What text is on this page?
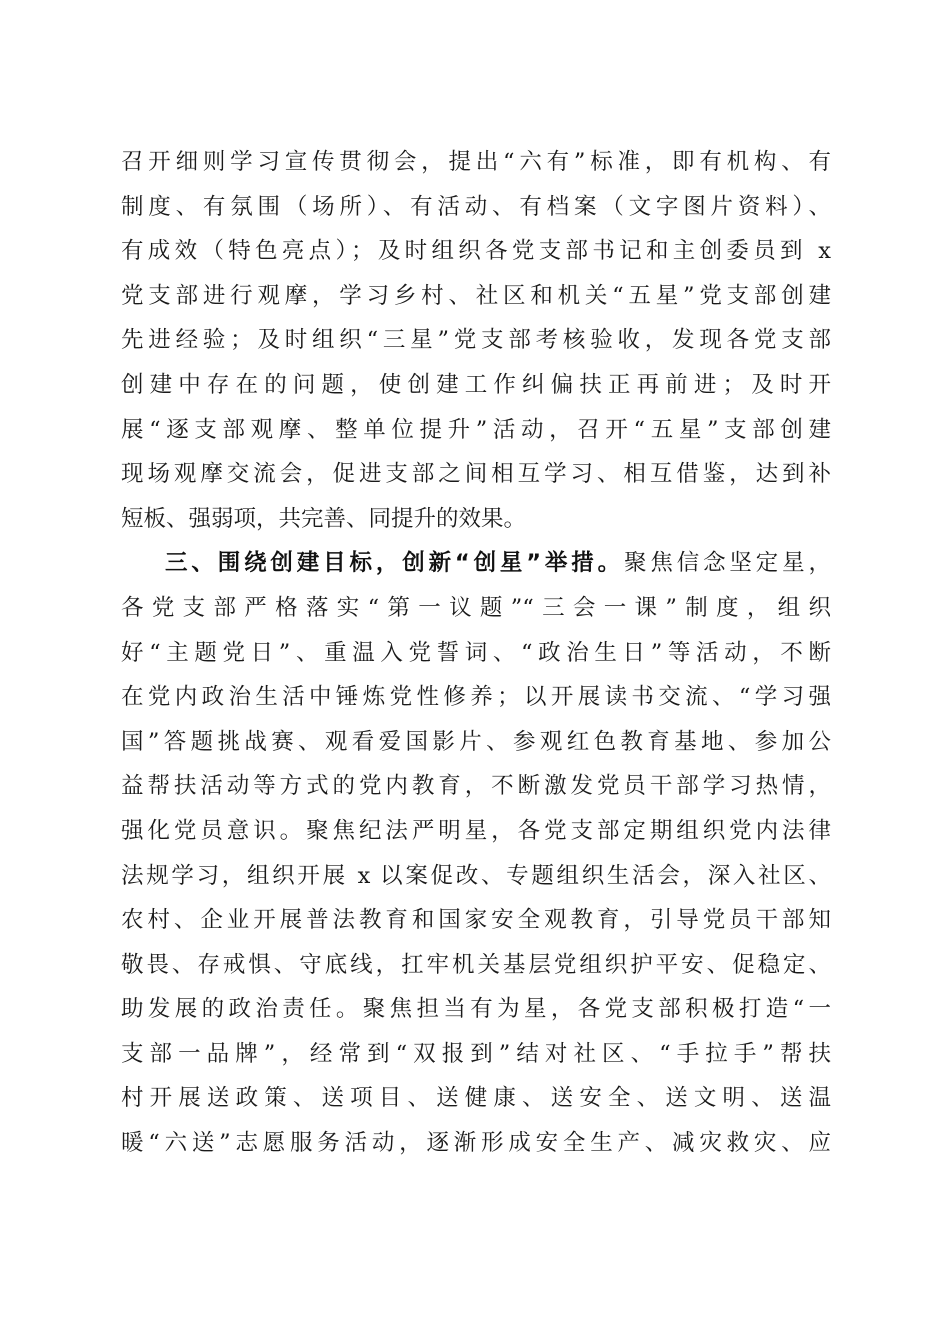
召开细则学习宣传贯彻会，提出“六有”标准，即有机构、有
制度、有氛围（场所）、有活动、有档案（文字图片资料）、
有成效（特色亮点）；及时组织各党支部书记和主创委员到 x
党支部进行观摩，学习乡村、社区和机关“五星”党支部创建
先进经验；及时组织“三星”党支部考核验收，发现各党支部
创建中存在的问题，使创建工作纠偏扶正再前进；及时开
展“逐支部观摩、整单位提升”活动，召开“五星”支部创建
现场观摩交流会，促进支部之间相互学习、相互借鉴，达到补
短板、强弱项，共完善、同提升的效果。
三、围绕创建目标，创新“创星”举措。聚焦信念坚定星，
各党支部严格落实“第一议题”“三会一课”制度，组织
好“主题党日”、重温入党誓词、“政治生日”等活动，不断
在党内政治生活中锤炼党性修养；以开展读书交流、“学习强
国”答题挑战赛、观看爱国影片、参观红色教育基地、参加公
益帮扶活动等方式的党内教育，不断激发党员干部学习热情，
强化党员意识。聚焦纪法严明星，各党支部定期组织党内法律
法规学习，组织开展 x 以案促改、专题组织生活会，深入社区、
农村、企业开展普法教育和国家安全观教育，引导党员干部知
敬畏、存戒惧、守底线，扛牢机关基层党组织护平安、促稳定、
助发展的政治责任。聚焦担当有为星，各党支部积极打造“一
支部一品牌”，经常到“双报到”结对社区、“手拉手”帮扶
村开展送政策、送项目、送健康、送安全、送文明、送温
暖“六送”志愿服务活动，逐渐形成安全生产、减灾救灾、应
